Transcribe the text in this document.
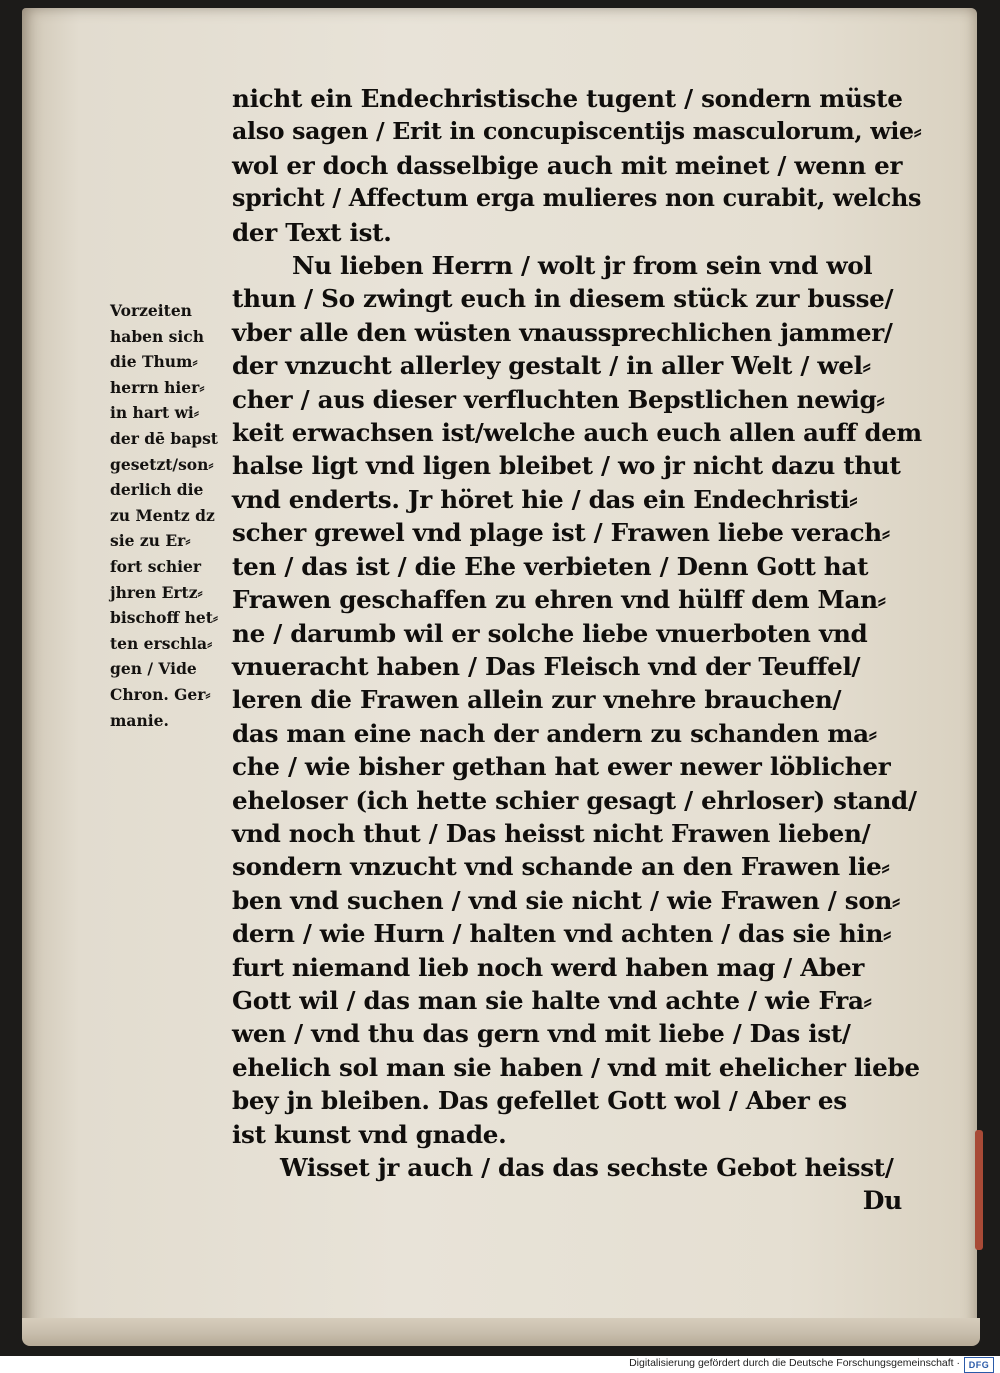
Vorzeiten
haben sich
die Thum⸗
herrn hier⸗
in hart wi⸗
der dē bapst
gesetzt/son⸗
derlich die
zu Mentz dz
sie zu Er⸗
fort schier
jhren Ertz⸗
bischoff het⸗
ten erschla⸗
gen / Vide
Chron. Ger⸗
manie.
nicht ein Endechristische tugent / sondern müste
also sagen / Erit in concupiscentijs masculorum, wie⸗
wol er doch dasselbige auch mit meinet / wenn er
spricht / Affectum erga mulieres non curabit, welchs
der Text ist.
Nu lieben Herrn / wolt jr from sein vnd wol
thun / So zwingt euch in diesem stück zur busse/
vber alle den wüsten vnaussprechlichen jammer/
der vnzucht allerley gestalt / in aller Welt / wel⸗
cher / aus dieser verfluchten Bepstlichen newig⸗
keit erwachsen ist/welche auch euch allen auff dem
halse ligt vnd ligen bleibet / wo jr nicht dazu thut
vnd enderts. Jr höret hie / das ein Endechristi⸗
scher grewel vnd plage ist / Frawen liebe verach⸗
ten / das ist / die Ehe verbieten / Denn Gott hat
Frawen geschaffen zu ehren vnd hülff dem Man⸗
ne / darumb wil er solche liebe vnuerboten vnd
vnueracht haben / Das Fleisch vnd der Teuffel/
leren die Frawen allein zur vnehre brauchen/
das man eine nach der andern zu schanden ma⸗
che / wie bisher gethan hat ewer newer löblicher
eheloser (ich hette schier gesagt / ehrloser) stand/
vnd noch thut / Das heisst nicht Frawen lieben/
sondern vnzucht vnd schande an den Frawen lie⸗
ben vnd suchen / vnd sie nicht / wie Frawen / son⸗
dern / wie Hurn / halten vnd achten / das sie hin⸗
furt niemand lieb noch werd haben mag / Aber
Gott wil / das man sie halte vnd achte / wie Fra⸗
wen / vnd thu das gern vnd mit liebe / Das ist/
ehelich sol man sie haben / vnd mit ehelicher liebe
bey jn bleiben. Das gefellet Gott wol / Aber es
ist kunst vnd gnade.
Wisset jr auch / das das sechste Gebot heisst/
Du
Digitalisierung gefördert durch die Deutsche Forschungsgemeinschaft · DFG
